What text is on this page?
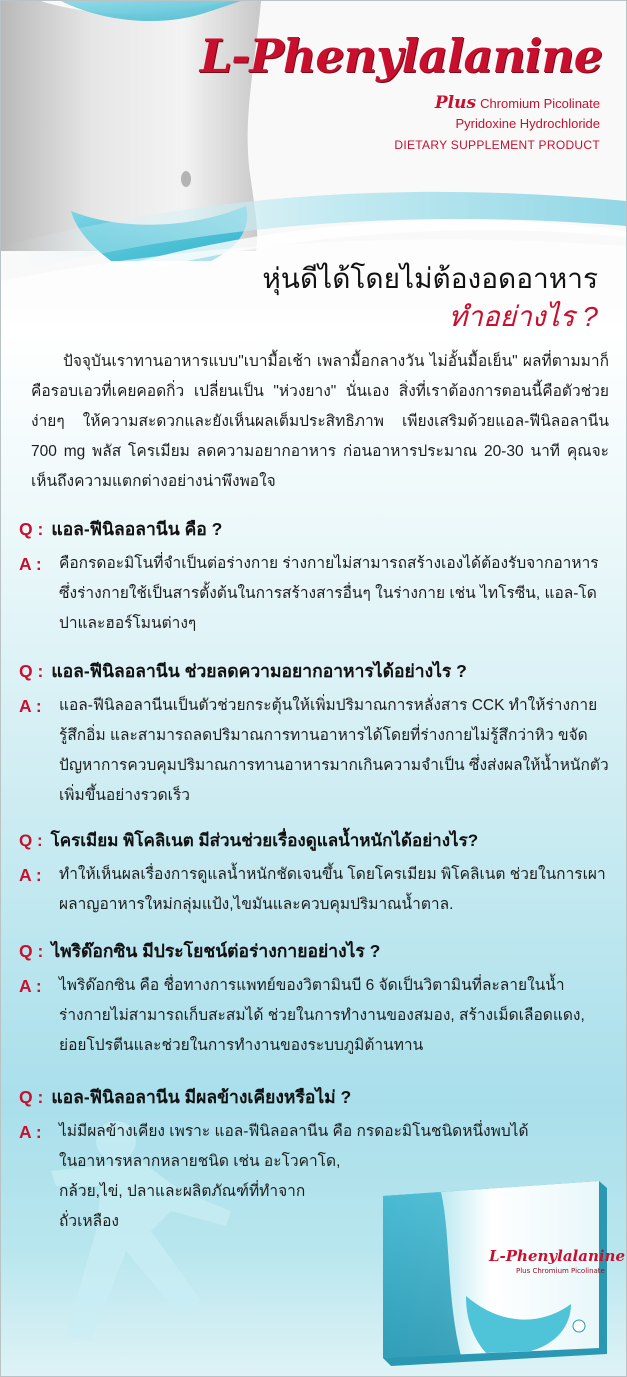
L-Phenylalanine
Plus Chromium Picolinate
Pyridoxine Hydrochloride
DIETARY SUPPLEMENT PRODUCT
หุ่นดีได้โดยไม่ต้องอดอาหาร
ทำอย่างไร ?
ปัจจุบันเราทานอาหารแบบ"เบามื้อเช้า เพลามื้อกลางวัน ไม่อั้นมื้อเย็น" ผลที่ตามมาก็คือรอบเอวที่เคยคอดกิ่ว เปลี่ยนเป็น "ห่วงยาง" นั่นเอง สิ่งที่เราต้องการตอนนี้คือตัวช่วยง่ายๆ ให้ความสะดวกและยังเห็นผลเต็มประสิทธิภาพ เพียงเสริมด้วยแอล-ฟีนิลอลานีน 700 mg พลัส โครเมียม ลดความอยากอาหาร ก่อนอาหารประมาณ 20-30 นาที คุณจะเห็นถึงความแตกต่างอย่างน่าพึงพอใจ
Q : แอล-ฟีนิลอลานีน คือ ?
A : คือกรดอะมิโนที่จำเป็นต่อร่างกาย ร่างกายไม่สามารถสร้างเองได้ต้องรับจากอาหาร ซึ่งร่างกายใช้เป็นสารตั้งต้นในการสร้างสารอื่นๆ ในร่างกาย เช่น ไทโรซีน, แอล-โดปาและฮอร์โมนต่างๆ
Q : แอล-ฟีนิลอลานีน ช่วยลดความอยากอาหารได้อย่างไร ?
A : แอล-ฟีนิลอลานีนเป็นตัวช่วยกระตุ้นให้เพิ่มปริมาณการหลั่งสาร CCK ทำให้ร่างกายรู้สึกอิ่ม และสามารถลดปริมาณการทานอาหารได้โดยที่ร่างกายไม่รู้สึกว่าหิว ขจัดปัญหาการควบคุมปริมาณการทานอาหารมากเกินความจำเป็น ซึ่งส่งผลให้น้ำหนักตัวเพิ่มขึ้นอย่างรวดเร็ว
Q : โครเมียม พิโคลิเนต มีส่วนช่วยเรื่องดูแลน้ำหนักได้อย่างไร?
A : ทำให้เห็นผลเรื่องการดูแลน้ำหนักชัดเจนขึ้น โดยโครเมียม พิโคลิเนต ช่วยในการเผาผลาญอาหารใหม่กลุ่มแป้ง,ไขมันและควบคุมปริมาณน้ำตาล.
Q : ไพริด๊อกซิน มีประโยชน์ต่อร่างกายอย่างไร ?
A : ไพริด๊อกซิน คือ ชื่อทางการแพทย์ของวิตามินบี 6 จัดเป็นวิตามินที่ละลายในน้ำ ร่างกายไม่สามารถเก็บสะสมได้ ช่วยในการทำงานของสมอง, สร้างเม็ดเลือดแดง, ย่อยโปรตีนและช่วยในการทำงานของระบบภูมิต้านทาน
Q : แอล-ฟีนิลอลานีน มีผลข้างเคียงหรือไม่ ?
A : ไม่มีผลข้างเคียง เพราะ แอล-ฟีนิลอลานีน คือ กรดอะมิโนชนิดหนึ่งพบได้
ในอาหารหลากหลายชนิด เช่น อะโวคาโด,
กล้วย,ไข่, ปลาและผลิตภัณฑ์ที่ทำจาก
ถั่วเหลือง
L-Phenylalanine
Plus Chromium Picolinate
